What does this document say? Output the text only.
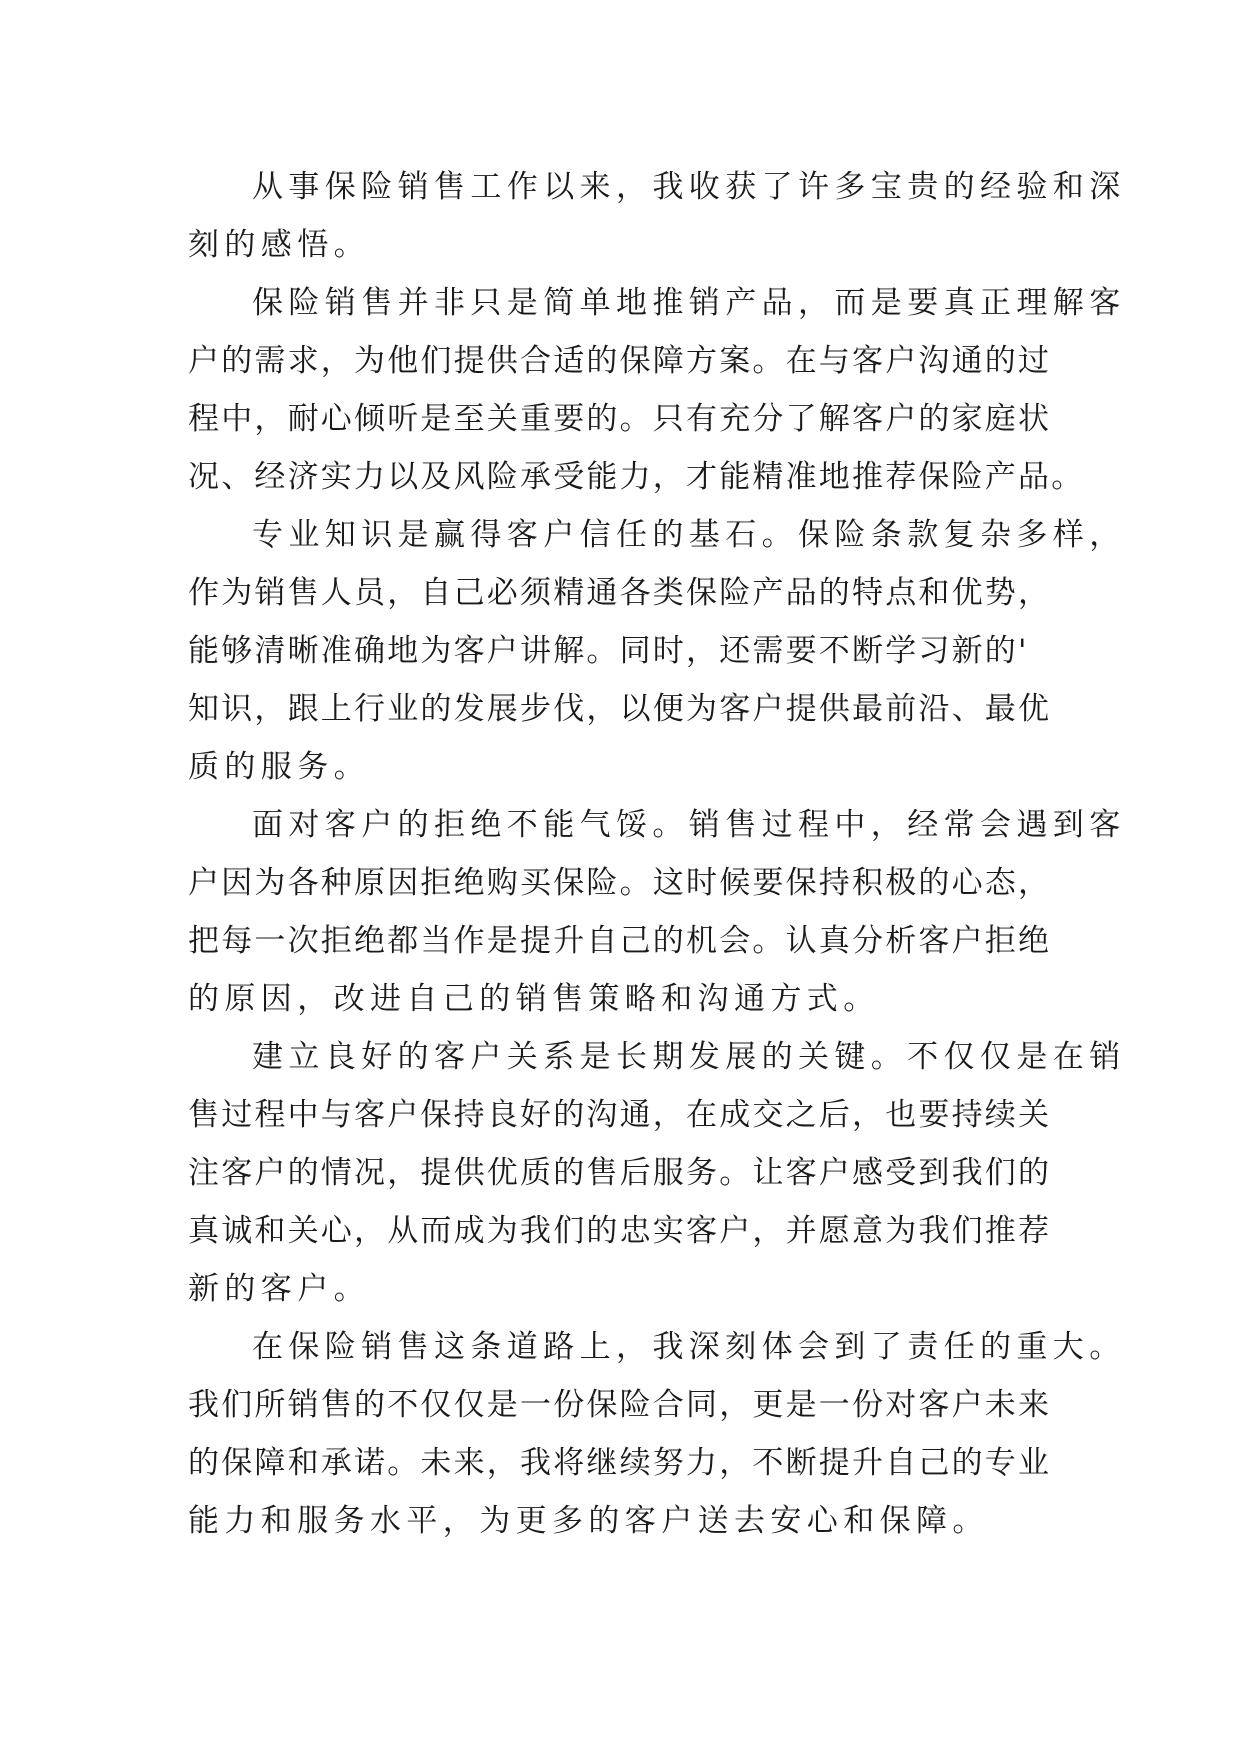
从事保险销售工作以来，我收获了许多宝贵的经验和深
刻的感悟。
保险销售并非只是简单地推销产品，而是要真正理解客
户的需求，为他们提供合适的保障方案。在与客户沟通的过
程中，耐心倾听是至关重要的。只有充分了解客户的家庭状
况、经济实力以及风险承受能力，才能精准地推荐保险产品。
专业知识是赢得客户信任的基石。保险条款复杂多样，
作为销售人员，自己必须精通各类保险产品的特点和优势，
能够清晰准确地为客户讲解。同时，还需要不断学习新的'
知识，跟上行业的发展步伐，以便为客户提供最前沿、最优
质的服务。
面对客户的拒绝不能气馁。销售过程中，经常会遇到客
户因为各种原因拒绝购买保险。这时候要保持积极的心态，
把每一次拒绝都当作是提升自己的机会。认真分析客户拒绝
的原因，改进自己的销售策略和沟通方式。
建立良好的客户关系是长期发展的关键。不仅仅是在销
售过程中与客户保持良好的沟通，在成交之后，也要持续关
注客户的情况，提供优质的售后服务。让客户感受到我们的
真诚和关心，从而成为我们的忠实客户，并愿意为我们推荐
新的客户。
在保险销售这条道路上，我深刻体会到了责任的重大。
我们所销售的不仅仅是一份保险合同，更是一份对客户未来
的保障和承诺。未来，我将继续努力，不断提升自己的专业
能力和服务水平，为更多的客户送去安心和保障。
